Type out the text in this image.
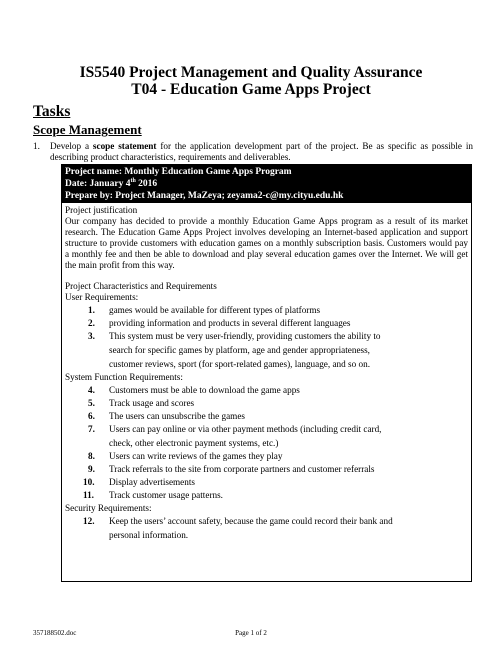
IS5540 Project Management and Quality Assurance
T04 - Education Game Apps Project
Tasks
Scope Management
1. Develop a scope statement for the application development part of the project. Be as specific as possible in describing product characteristics, requirements and deliverables.
Project name: Monthly Education Game Apps Program
Date: January 4th 2016
Prepare by: Project Manager, MaZeya; zeyama2-c@my.cityu.edu.hk
Project justification

Our company has decided to provide a monthly Education Game Apps program as a result of its market research. The Education Game Apps Project involves developing an Internet-based application and support structure to provide customers with education games on a monthly subscription basis. Customers would pay a monthly fee and then be able to download and play several education games over the Internet. We will get the main profit from this way.

Project Characteristics and Requirements
User Requirements:
1. games would be available for different types of platforms
2. providing information and products in several different languages
3. This system must be very user-friendly, providing customers the ability to
search for specific games by platform, age and gender appropriateness,
customer reviews, sport (for sport-related games), language, and so on.
System Function Requirements:
4. Customers must be able to download the game apps
5. Track usage and scores
6. The users can unsubscribe the games
7. Users can pay online or via other payment methods (including credit card,
check, other electronic payment systems, etc.)
8. Users can write reviews of the games they play
9. Track referrals to the site from corporate partners and customer referrals
10. Display advertisements
11. Track customer usage patterns.
Security Requirements:
12. Keep the users’ account safety, because the game could record their bank and
personal information.
357188502.doc	Page 1 of 2
